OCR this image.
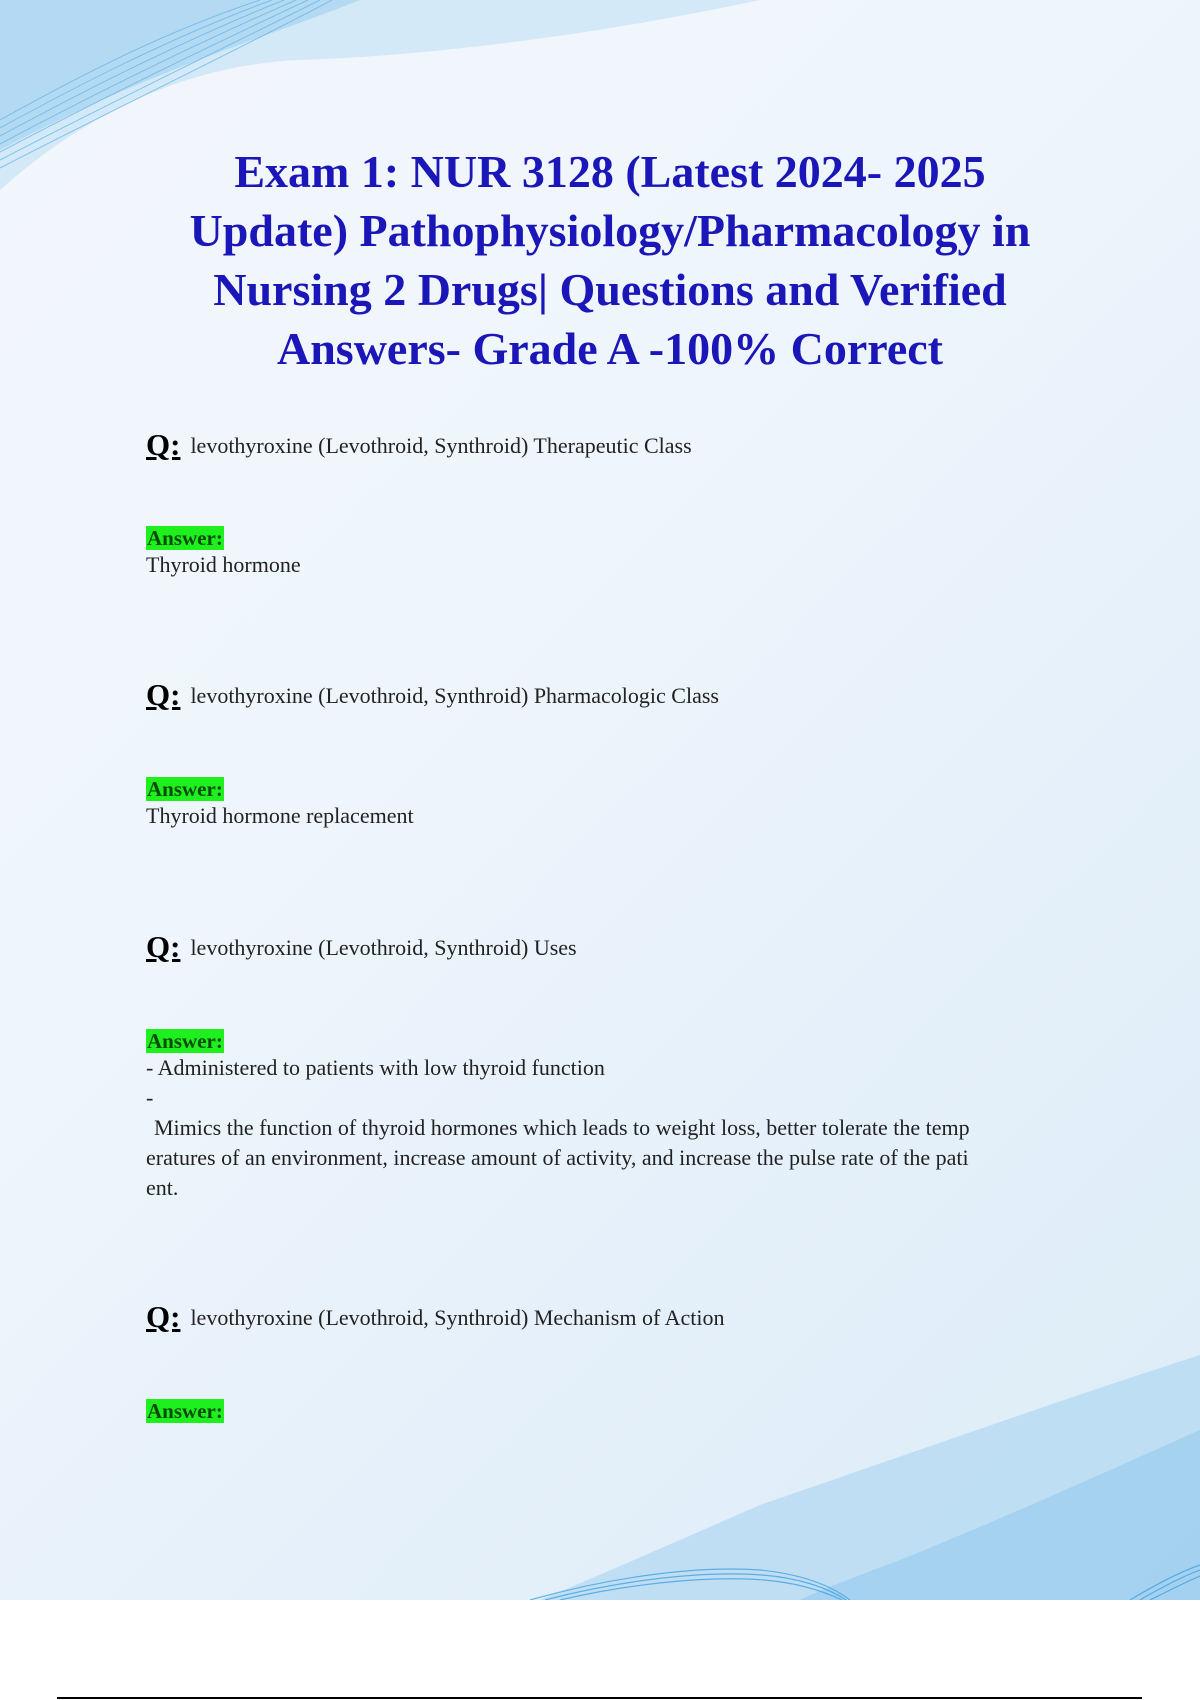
Exam 1: NUR 3128 (Latest 2024- 2025
Update) Pathophysiology/Pharmacology in
Nursing 2 Drugs| Questions and Verified
Answers- Grade A -100% Correct
Q: levothyroxine (Levothroid, Synthroid) Therapeutic Class
Answer:

Thyroid hormone

Q: levothyroxine (Levothroid, Synthroid) Pharmacologic Class
Answer:

Thyroid hormone replacement

Q: levothyroxine (Levothroid, Synthroid) Uses
Answer:

- Administered to patients with low thyroid function

-

Mimics the function of thyroid hormones which leads to weight loss, better tolerate the temp

eratures of an environment, increase amount of activity, and increase the pulse rate of the pati

ent.

Q: levothyroxine (Levothroid, Synthroid) Mechanism of Action
Answer:
